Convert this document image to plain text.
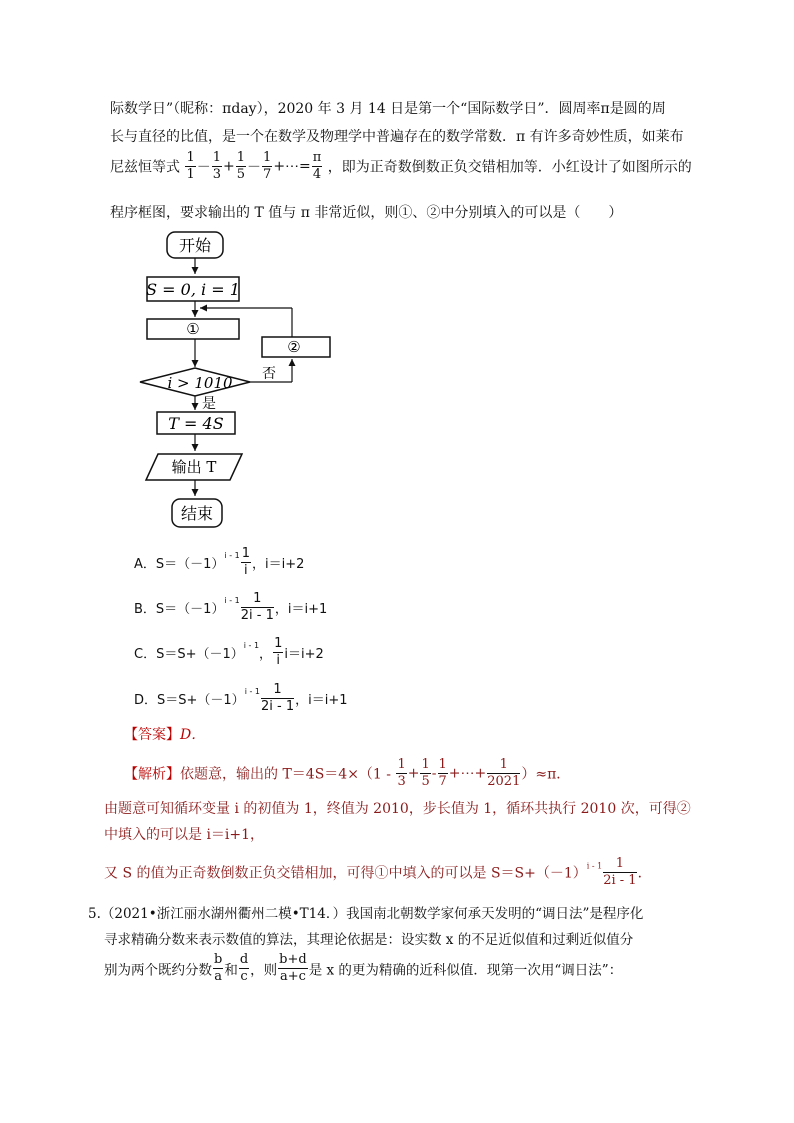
际数学日”（昵称：πday），2020 年 3 月 14 日是第一个“国际数学日”．圆周率π是圆的周
长与直径的比值，是一个在数学及物理学中普遍存在的数学常数．π 有许多奇妙性质，如莱布
尼兹恒等式 $\frac{1}{1} - \frac{1}{3} + \frac{1}{5} - \frac{1}{7}$ +⋯= $\frac{\pi}{4}$ ，即为正奇数倒数正负交错相加等．小红设计了如图所示的
程序框图，要求输出的 T 值与 π 非常近似，则①、②中分别填入的可以是（　　）
开始
S = 0, i = 1
①
i > 1010 否
②
是
T = 4S
输出 T
结束
A．$S=(-1)^{i - 1} \frac{1}{i}$ ，i＝i+2
B．$S=(-1)^{i - 1} \frac{1}{2i - 1}$ ，i＝i+1
C．$S=S+(-1)^{i - 1}$， $\frac{1}{i} i=i+2$
D．$S=S+(-1)^{i - 1} \frac{1}{2i - 1}$ ，i＝i+1
【答案】D．
【解析】依题意，输出的 $T=4S=4\times(1 - \frac{1}{3} + \frac{1}{5} - \frac{1}{7}$ +⋯+ $\frac{1}{2021} )\approx\pi$．
由题意可知循环变量 i 的初值为 1，终值为 2010，步长值为 1，循环共执行 2010 次，可得②
中填入的可以是 i＝i+1，
又 S 的值为正奇数倒数正负交错相加，可得①中填入的可以是 $S=S+(-1)^{i - 1} \frac{1}{2i - 1}$ ．
5.（2021•浙江丽水湖州衢州二模•T14．）我国南北朝数学家何承天发明的“调日法”是程序化
寻求精确分数来表示数值的算法，其理论依据是：设实数 x 的不足近似值和过剩近似值分
别为两个既约分数 $\frac{b}{a}$ 和 $\frac{d}{c}$ ，则 $\frac{b+d}{a+c}$ 是 x 的更为精确的近科似值．现第一次用“调日法”：
